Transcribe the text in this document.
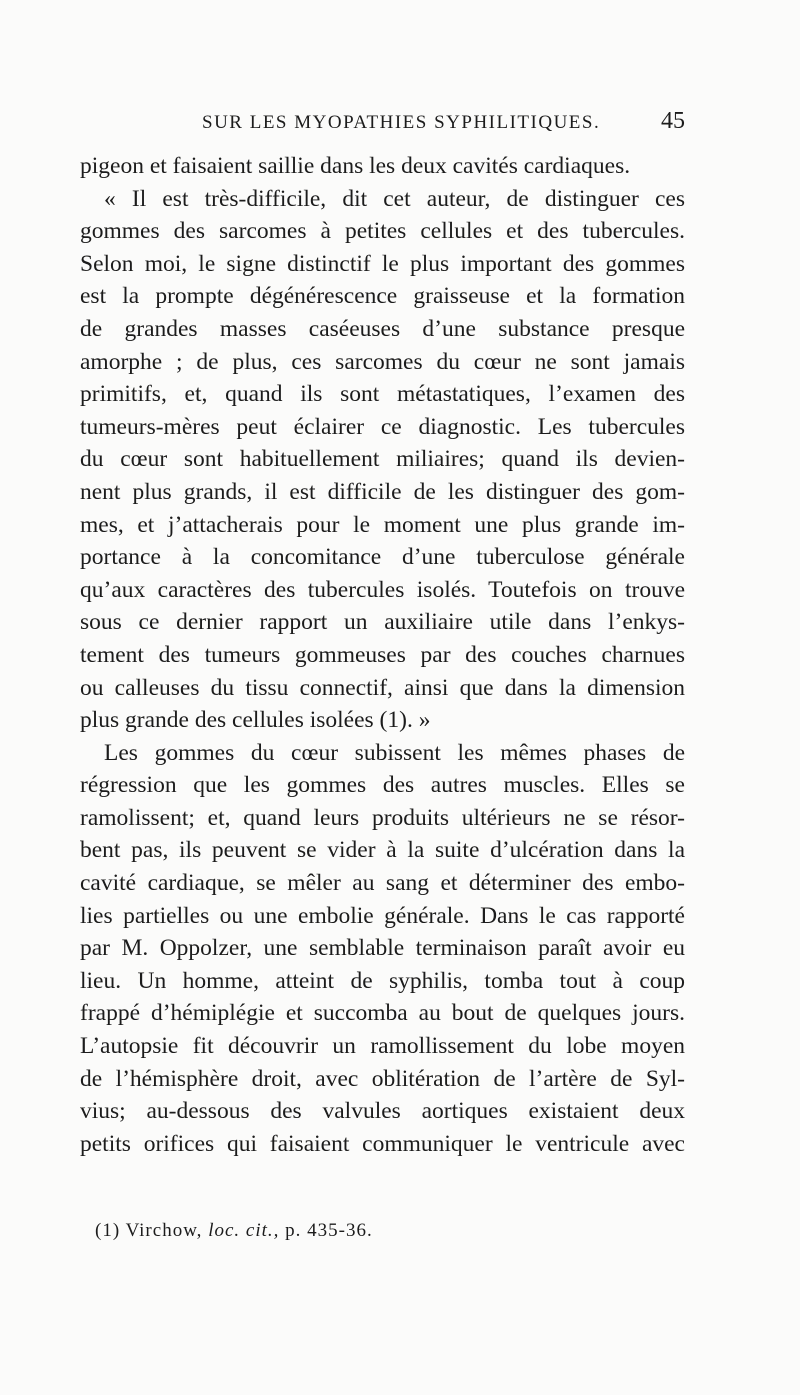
SUR LES MYOPATHIES SYPHILITIQUES.	45
pigeon et faisaient saillie dans les deux cavités cardiaques.
« Il est très-difficile, dit cet auteur, de distinguer ces
gommes des sarcomes à petites cellules et des tubercules.
Selon moi, le signe distinctif le plus important des gommes
est la prompte dégénérescence graisseuse et la formation
de grandes masses caséeuses d’une substance presque
amorphe ; de plus, ces sarcomes du cœur ne sont jamais
primitifs, et, quand ils sont métastatiques, l’examen des
tumeurs-mères peut éclairer ce diagnostic. Les tubercules
du cœur sont habituellement miliaires; quand ils devien-
nent plus grands, il est difficile de les distinguer des gom-
mes, et j’attacherais pour le moment une plus grande im-
portance à la concomitance d’une tuberculose générale
qu’aux caractères des tubercules isolés. Toutefois on trouve
sous ce dernier rapport un auxiliaire utile dans l’enkys-
tement des tumeurs gommeuses par des couches charnues
ou calleuses du tissu connectif, ainsi que dans la dimension
plus grande des cellules isolées (1). »
Les gommes du cœur subissent les mêmes phases de
régression que les gommes des autres muscles. Elles se
ramolissent; et, quand leurs produits ultérieurs ne se résor-
bent pas, ils peuvent se vider à la suite d’ulcération dans la
cavité cardiaque, se mêler au sang et déterminer des embo-
lies partielles ou une embolie générale. Dans le cas rapporté
par M. Oppolzer, une semblable terminaison paraît avoir eu
lieu. Un homme, atteint de syphilis, tomba tout à coup
frappé d’hémiplégie et succomba au bout de quelques jours.
L’autopsie fit découvrir un ramollissement du lobe moyen
de l’hémisphère droit, avec oblitération de l’artère de Syl-
vius; au-dessous des valvules aortiques existaient deux
petits orifices qui faisaient communiquer le ventricule avec
(1) Virchow, loc. cit., p. 435-36.
